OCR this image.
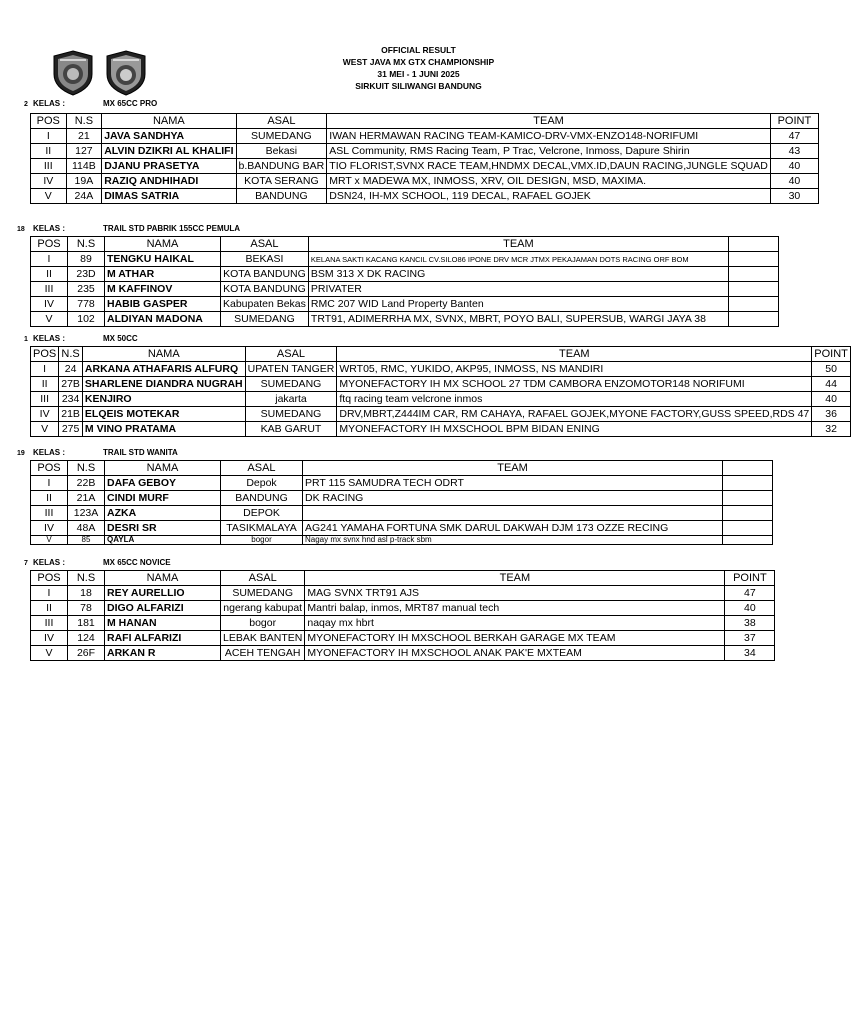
OFFICIAL RESULT
WEST JAVA MX GTX CHAMPIONSHIP
31 MEI - 1 JUNI 2025
SIRKUIT SILIWANGI BANDUNG
2 KELAS :	MX 65CC PRO
POS	N.S	NAMA	ASAL	TEAM	POINT
I	21	JAVA SANDHYA	SUMEDANG	IWAN HERMAWAN RACING TEAM-KAMICO-DRV-VMX-ENZO148-NORIFUMI	47
II	127	ALVIN DZIKRI AL KHALIFI	Bekasi	ASL Community, RMS Racing Team, P Trac, Velcrone, Inmoss, Dapure Shirin	43
III	114B	DJANU PRASETYA	b.BANDUNG BAR	TIO FLORIST,SVNX RACE TEAM,HNDMX DECAL,VMX.ID,DAUN RACING,JUNGLE SQUAD	40
IV	19A	RAZIQ ANDHIHADI	KOTA SERANG	MRT x MADEWA MX, INMOSS, XRV, OIL DESIGN, MSD, MAXIMA.	40
V	24A	DIMAS SATRIA	BANDUNG	DSN24, IH-MX SCHOOL, 119 DECAL, RAFAEL GOJEK	30
18 KELAS :	TRAIL STD PABRIK 155CC PEMULA
POS	N.S	NAMA	ASAL	TEAM	
I	89	TENGKU HAIKAL	BEKASI	KELANA SAKTI KACANG KANCIL CV.SILO86 IPONE DRV MCR JTMX PEKAJAMAN DOTS RACING ORF BOM	
II	23D	M ATHAR	KOTA BANDUNG	BSM 313 X DK RACING	
III	235	M KAFFINOV	KOTA BANDUNG	PRIVATER	
IV	778	HABIB GASPER	Kabupaten Bekas	RMC 207 WID Land Property Banten	
V	102	ALDIYAN MADONA	SUMEDANG	TRT91, ADIMERRHA MX, SVNX, MBRT, POYO BALI, SUPERSUB, WARGI JAYA 38	
1 KELAS :	MX 50CC
POS	N.S	NAMA	ASAL	TEAM	POINT
I	24	ARKANA ATHAFARIS ALFURQ	UPATEN TANGER	WRT05, RMC, YUKIDO, AKP95, INMOSS, NS MANDIRI	50
II	27B	SHARLENE DIANDRA NUGRAH	SUMEDANG	MYONEFACTORY IH MX SCHOOL 27 TDM CAMBORA ENZOMOTOR148 NORIFUMI	44
III	234	KENJIRO	jakarta	ftq racing team velcrone inmos	40
IV	21B	ELQEIS MOTEKAR	SUMEDANG	DRV,MBRT,Z444IM CAR, RM CAHAYA, RAFAEL GOJEK,MYONE FACTORY,GUSS SPEED,RDS 47	36
V	275	M VINO PRATAMA	KAB GARUT	MYONEFACTORY IH MXSCHOOL BPM BIDAN ENING	32
19 KELAS :	TRAIL STD WANITA
POS	N.S	NAMA	ASAL	TEAM	
I	22B	DAFA GEBOY	Depok	PRT 115 SAMUDRA TECH ODRT	
II	21A	CINDI MURF	BANDUNG	DK RACING	
III	123A	AZKA	DEPOK		
IV	48A	DESRI SR	TASIKMALAYA	AG241 YAMAHA FORTUNA SMK DARUL DAKWAH DJM 173 OZZE RECING	
V	85	QAYLA	bogor	Nagay mx svnx hnd asl p-track sbm	
7 KELAS :	MX 65CC NOVICE
POS	N.S	NAMA	ASAL	TEAM	POINT
I	18	REY AURELLIO	SUMEDANG	MAG SVNX TRT91 AJS	47
II	78	DIGO ALFARIZI	ngerang kabupat	Mantri balap, inmos, MRT87 manual tech	40
III	181	M HANAN	bogor	naqay mx hbrt	38
IV	124	RAFI ALFARIZI	LEBAK BANTEN	MYONEFACTORY IH MXSCHOOL BERKAH GARAGE MX TEAM	37
V	26F	ARKAN R	ACEH TENGAH	MYONEFACTORY IH MXSCHOOL ANAK PAK'E MXTEAM	34
